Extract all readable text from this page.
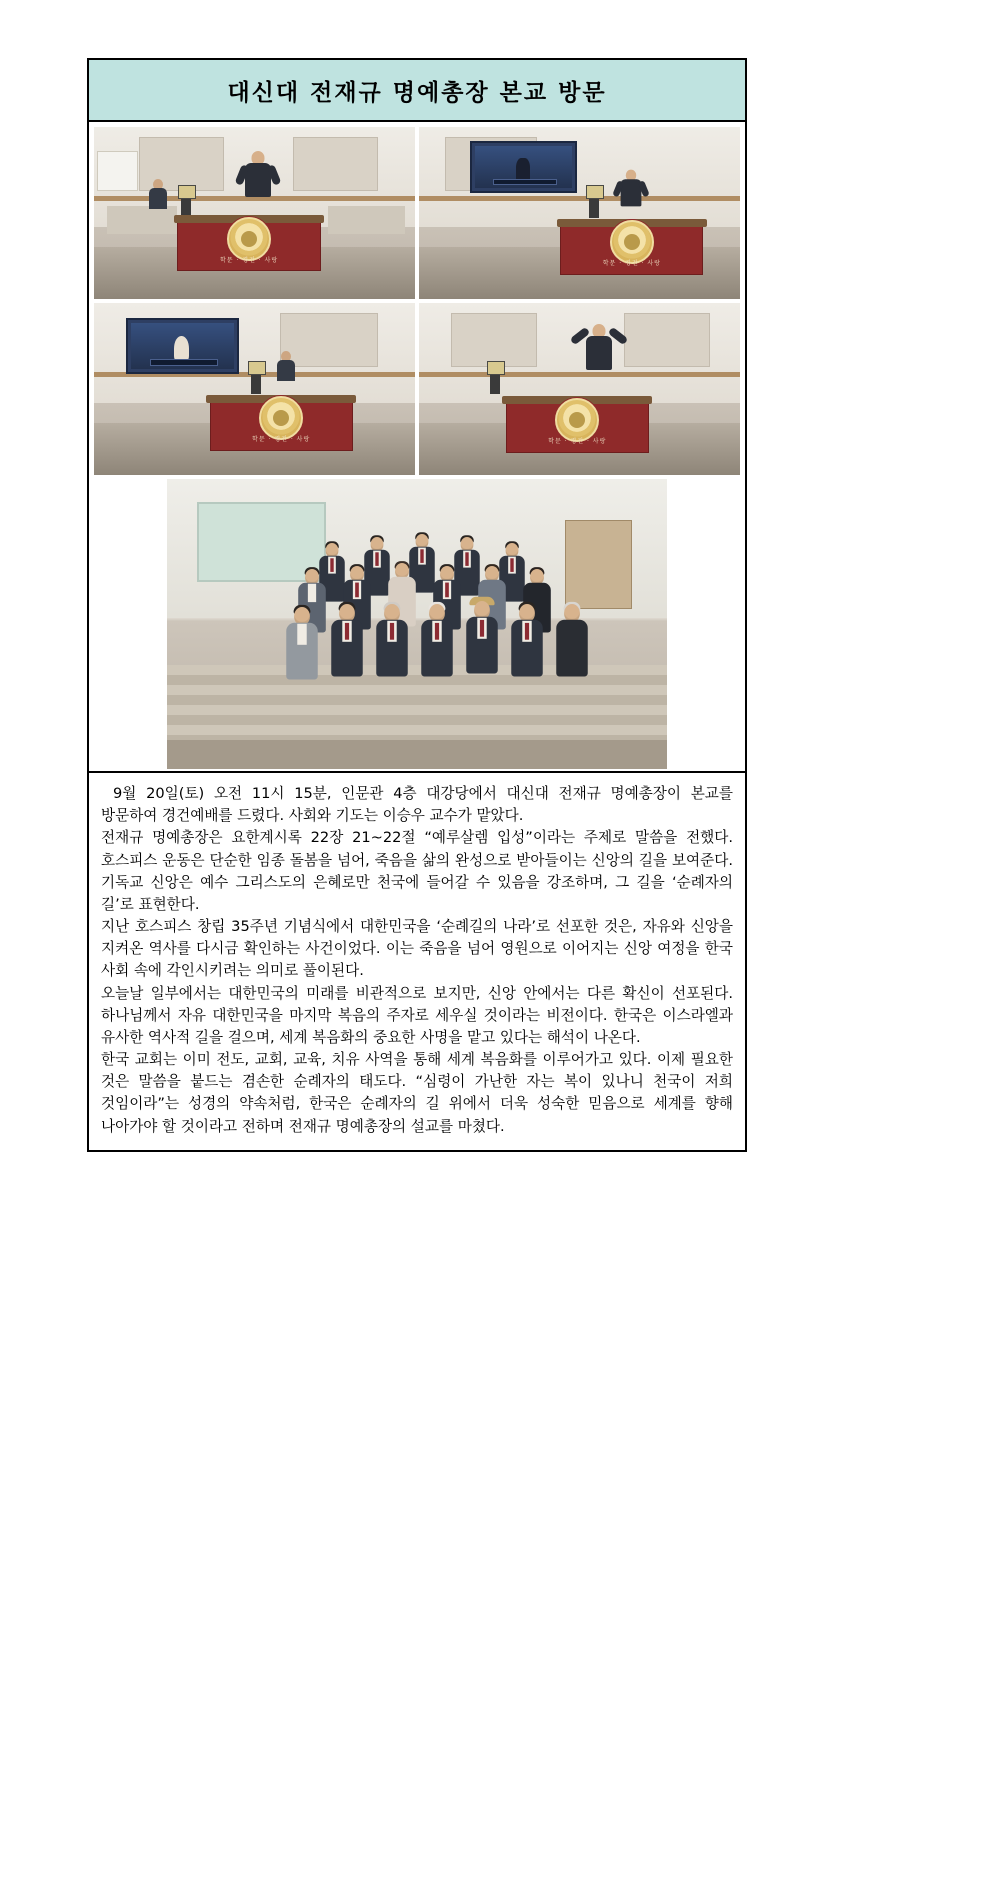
대신대 전재규 명예총장 본교 방문
학문 · 경건 · 사랑	학문 · 경건 · 사랑
학문 · 경건 · 사랑	학문 · 경건 · 사랑

9월 20일(토) 오전 11시 15분, 인문관 4층 대강당에서 대신대 전재규 명예총장이 본교를 방문하여 경건예배를 드렸다. 사회와 기도는 이승우 교수가 맡았다.

전재규 명예총장은 요한계시록 22장 21~22절 “예루살렘 입성”이라는 주제로 말씀을 전했다. 호스피스 운동은 단순한 임종 돌봄을 넘어, 죽음을 삶의 완성으로 받아들이는 신앙의 길을 보여준다. 기독교 신앙은 예수 그리스도의 은혜로만 천국에 들어갈 수 있음을 강조하며, 그 길을 ‘순례자의 길’로 표현한다.

지난 호스피스 창립 35주년 기념식에서 대한민국을 ‘순례길의 나라’로 선포한 것은, 자유와 신앙을 지켜온 역사를 다시금 확인하는 사건이었다. 이는 죽음을 넘어 영원으로 이어지는 신앙 여정을 한국 사회 속에 각인시키려는 의미로 풀이된다.

오늘날 일부에서는 대한민국의 미래를 비관적으로 보지만, 신앙 안에서는 다른 확신이 선포된다. 하나님께서 자유 대한민국을 마지막 복음의 주자로 세우실 것이라는 비전이다. 한국은 이스라엘과 유사한 역사적 길을 걸으며, 세계 복음화의 중요한 사명을 맡고 있다는 해석이 나온다.

한국 교회는 이미 전도, 교회, 교육, 치유 사역을 통해 세계 복음화를 이루어가고 있다. 이제 필요한 것은 말씀을 붙드는 겸손한 순례자의 태도다. “심령이 가난한 자는 복이 있나니 천국이 저희 것임이라”는 성경의 약속처럼, 한국은 순례자의 길 위에서 더욱 성숙한 믿음으로 세계를 향해 나아가야 할 것이라고 전하며 전재규 명예총장의 설교를 마쳤다.
